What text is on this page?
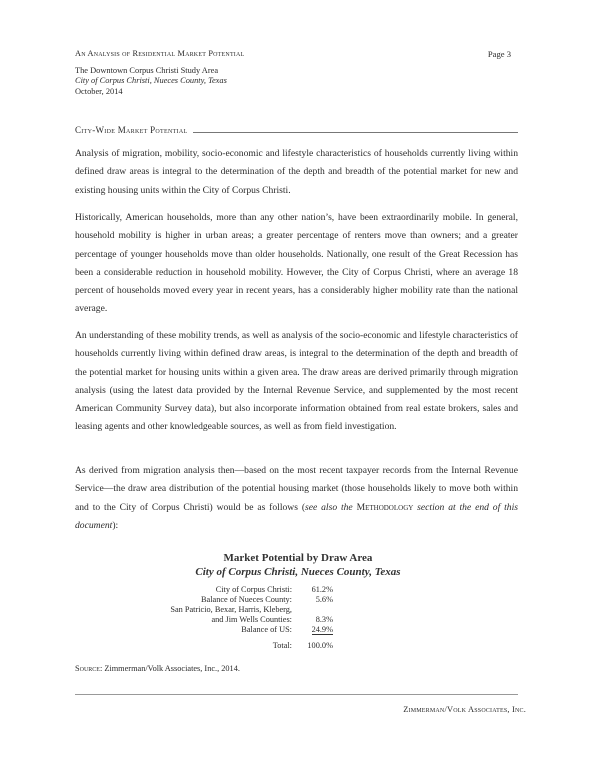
An Analysis of Residential Market Potential	Page 3
The Downtown Corpus Christi Study Area
City of Corpus Christi, Nueces County, Texas
October, 2014
City-Wide Market Potential
Analysis of migration, mobility, socio-economic and lifestyle characteristics of households currently living within defined draw areas is integral to the determination of the depth and breadth of the potential market for new and existing housing units within the City of Corpus Christi.
Historically, American households, more than any other nation’s, have been extraordinarily mobile. In general, household mobility is higher in urban areas; a greater percentage of renters move than owners; and a greater percentage of younger households move than older households. Nationally, one result of the Great Recession has been a considerable reduction in household mobility. However, the City of Corpus Christi, where an average 18 percent of households moved every year in recent years, has a considerably higher mobility rate than the national average.
An understanding of these mobility trends, as well as analysis of the socio-economic and lifestyle characteristics of households currently living within defined draw areas, is integral to the determination of the depth and breadth of the potential market for housing units within a given area. The draw areas are derived primarily through migration analysis (using the latest data provided by the Internal Revenue Service, and supplemented by the most recent American Community Survey data), but also incorporate information obtained from real estate brokers, sales and leasing agents and other knowledgeable sources, as well as from field investigation.
As derived from migration analysis then—based on the most recent taxpayer records from the Internal Revenue Service—the draw area distribution of the potential housing market (those households likely to move both within and to the City of Corpus Christi) would be as follows (see also the Methodology section at the end of this document):
Market Potential by Draw Area
City of Corpus Christi, Nueces County, Texas
City of Corpus Christi: 61.2%
Balance of Nueces County:	5.6%
San Patricio, Bexar, Harris, Kleberg,
and Jim Wells Counties:	8.3%
Balance of US: 24.9%
Total: 100.0%
Source: Zimmerman/Volk Associates, Inc., 2014.
Zimmerman/Volk Associates, Inc.
